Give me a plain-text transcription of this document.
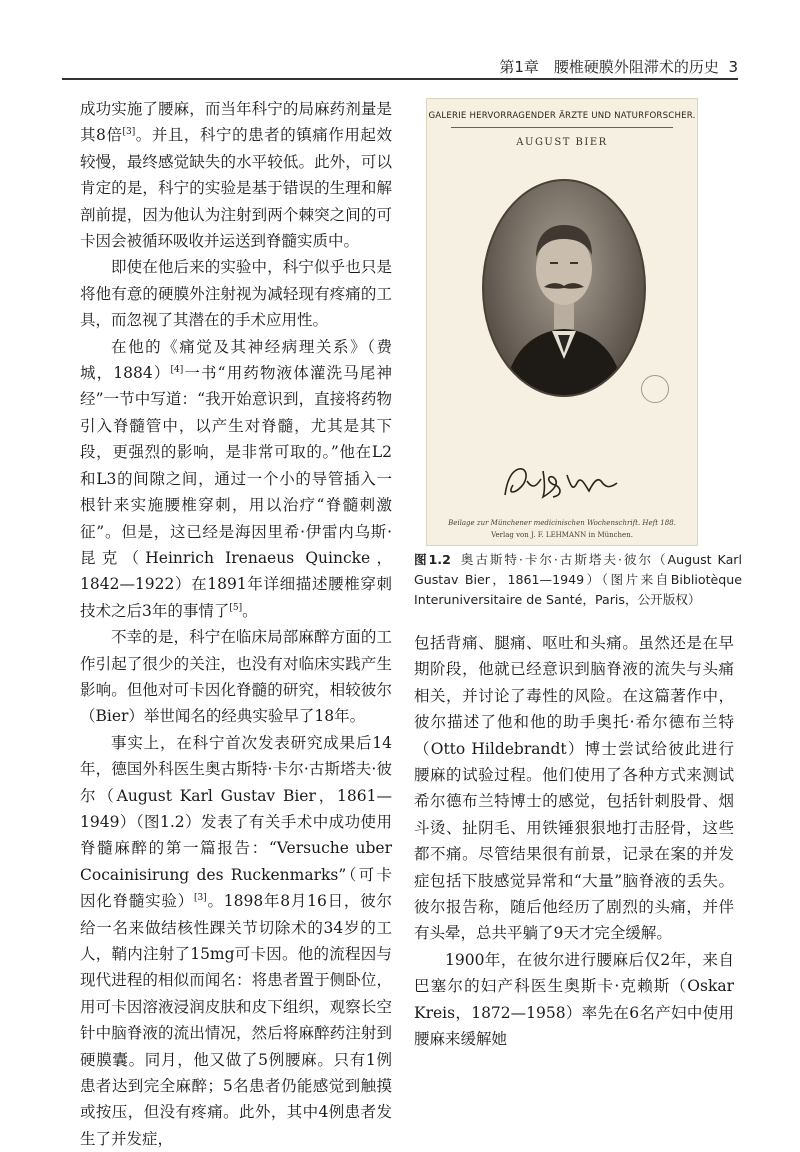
第1章　腰椎硬膜外阻滞术的历史 3

成功实施了腰麻，而当年科宁的局麻药剂量是其8倍[3]。并且，科宁的患者的镇痛作用起效较慢，最终感觉缺失的水平较低。此外，可以肯定的是，科宁的实验是基于错误的生理和解剖前提，因为他认为注射到两个棘突之间的可卡因会被循环吸收并运送到脊髓实质中。

即使在他后来的实验中，科宁似乎也只是将他有意的硬膜外注射视为减轻现有疼痛的工具，而忽视了其潜在的手术应用性。

在他的《痛觉及其神经病理关系》（费城，1884）[4]一书“用药物液体灌洗马尾神经”一节中写道：“我开始意识到，直接将药物引入脊髓管中，以产生对脊髓，尤其是其下段，更强烈的影响，是非常可取的。”他在L2和L3的间隙之间，通过一个小的导管插入一根针来实施腰椎穿刺，用以治疗“脊髓刺激征”。但是，这已经是海因里希·伊雷内乌斯·昆克（Heinrich Irenaeus Quincke，1842—1922）在1891年详细描述腰椎穿刺技术之后3年的事情了[5]。

不幸的是，科宁在临床局部麻醉方面的工作引起了很少的关注，也没有对临床实践产生影响。但他对可卡因化脊髓的研究，相较彼尔（Bier）举世闻名的经典实验早了18年。

事实上，在科宁首次发表研究成果后14年，德国外科医生奥古斯特·卡尔·古斯塔夫·彼尔（August Karl Gustav Bier，1861—1949）（图1.2）发表了有关手术中成功使用脊髓麻醉的第一篇报告：“Versuche uber Cocainisirung des Ruckenmarks”（可卡因化脊髓实验）[3]。1898年8月16日，彼尔给一名来做结核性踝关节切除术的34岁的工人，鞘内注射了15mg可卡因。他的流程因与现代进程的相似而闻名：将患者置于侧卧位，用可卡因溶液浸润皮肤和皮下组织，观察长空针中脑脊液的流出情况，然后将麻醉药注射到硬膜囊。同月，他又做了5例腰麻。只有1例患者达到完全麻醉；5名患者仍能感觉到触摸或按压，但没有疼痛。此外，其中4例患者发生了并发症，

GALERIE HERVORRAGENDER ÄRZTE UND NATURFORSCHER.
AUGUST BIER
Beilage zur Münchener medicinischen Wochenschrift. Heft 188.
Verlag von J. F. LEHMANN in München.
图1.2 奥古斯特·卡尔·古斯塔夫·彼尔（August Karl Gustav Bier，1861—1949）（图片来自Bibliotèque Interuniversitaire de Santé，Paris，公开版权）

包括背痛、腿痛、呕吐和头痛。虽然还是在早期阶段，他就已经意识到脑脊液的流失与头痛相关，并讨论了毒性的风险。在这篇著作中，彼尔描述了他和他的助手奥托·希尔德布兰特（Otto Hildebrandt）博士尝试给彼此进行腰麻的试验过程。他们使用了各种方式来测试希尔德布兰特博士的感觉，包括针刺股骨、烟斗烫、扯阴毛、用铁锤狠狠地打击胫骨，这些都不痛。尽管结果很有前景，记录在案的并发症包括下肢感觉异常和“大量”脑脊液的丢失。彼尔报告称，随后他经历了剧烈的头痛，并伴有头晕，总共平躺了9天才完全缓解。

1900年，在彼尔进行腰麻后仅2年，来自巴塞尔的妇产科医生奥斯卡·克赖斯（Oskar Kreis，1872—1958）率先在6名产妇中使用腰麻来缓解她
